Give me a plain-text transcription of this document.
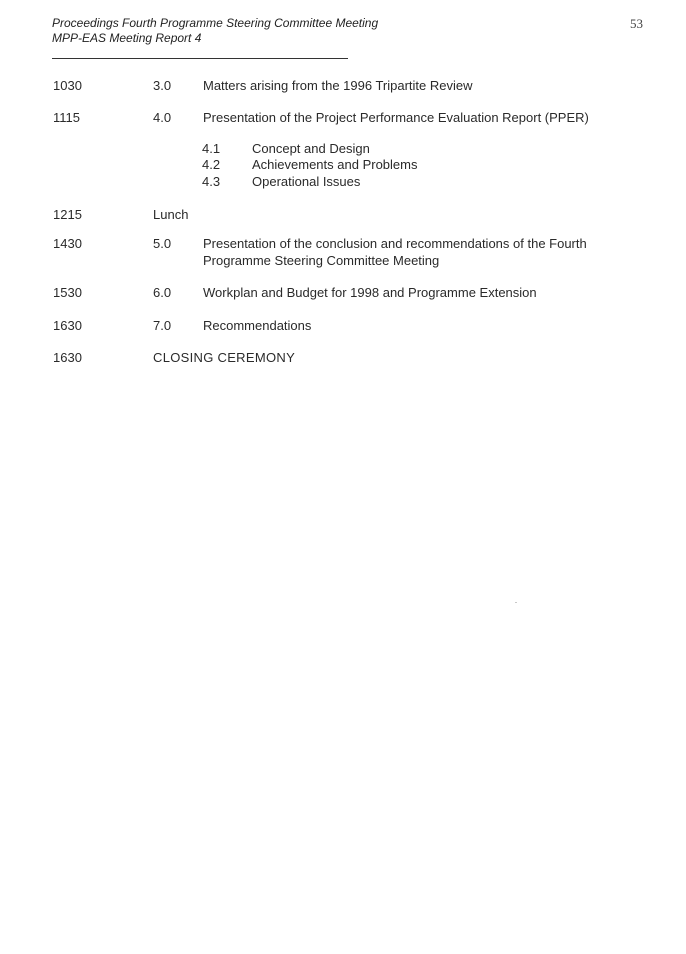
Proceedings Fourth Programme Steering Committee Meeting
MPP-EAS Meeting Report 4
53
1030	3.0 Matters arising from the 1996 Tripartite Review
1115	4.0 Presentation of the Project Performance Evaluation Report (PPER)
4.1 Concept and Design
4.2 Achievements and Problems
4.3 Operational Issues
1215	Lunch
1430	5.0 Presentation of the conclusion and recommendations of the Fourth Programme Steering Committee Meeting
1530	6.0 Workplan and Budget for 1998 and Programme Extension
1630	7.0 Recommendations
1630	CLOSING CEREMONY
